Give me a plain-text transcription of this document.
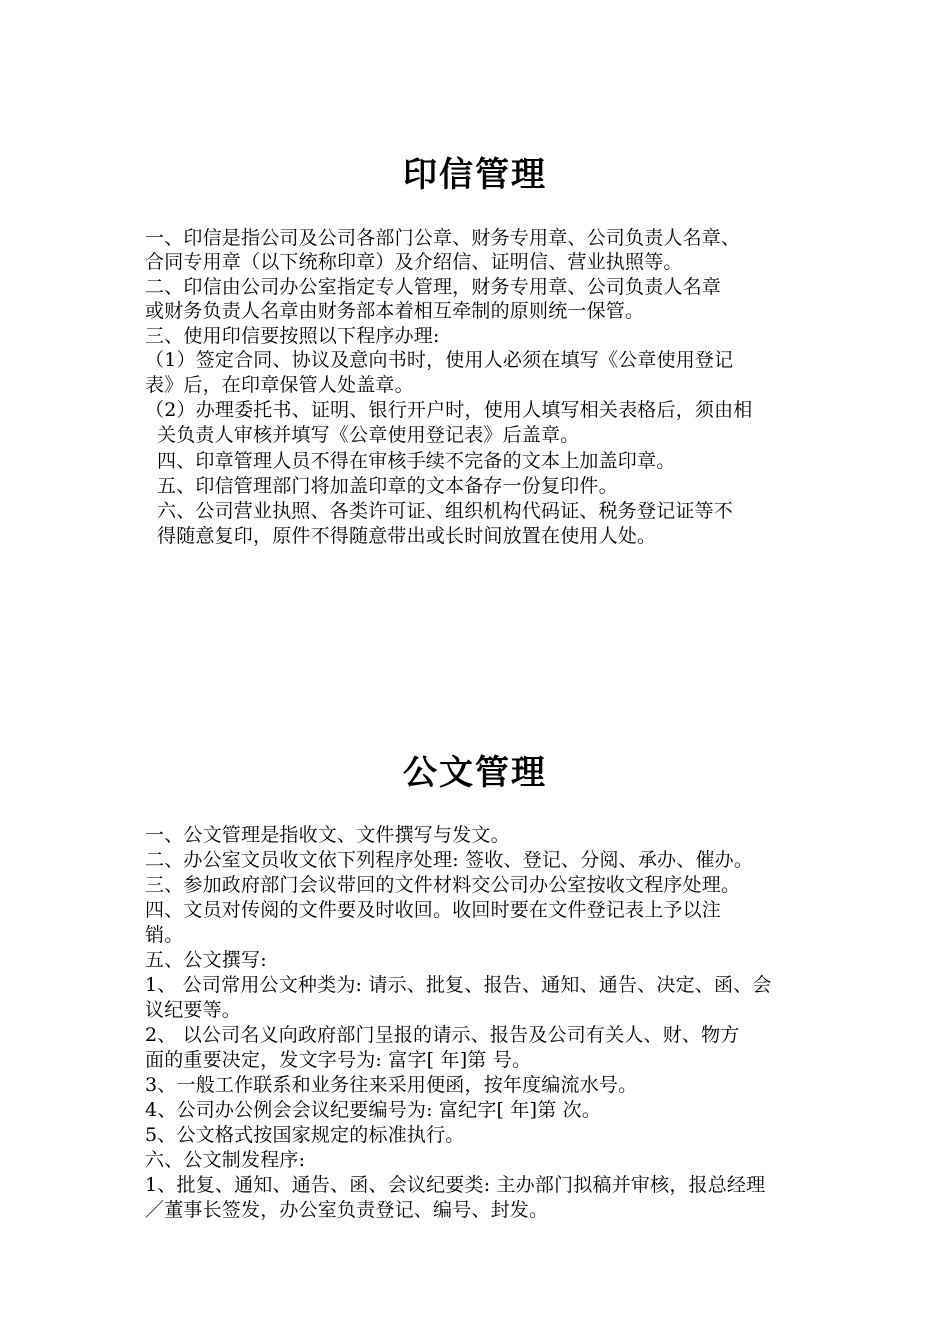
印信管理
一、印信是指公司及公司各部门公章、财务专用章、公司负责人名章、
合同专用章（以下统称印章）及介绍信、证明信、营业执照等。
二、印信由公司办公室指定专人管理，财务专用章、公司负责人名章
或财务负责人名章由财务部本着相互牵制的原则统一保管。
三、使用印信要按照以下程序办理:
（1）签定合同、协议及意向书时，使用人必须在填写《公章使用登记
表》后，在印章保管人处盖章。
（2）办理委托书、证明、银行开户时，使用人填写相关表格后，须由相
关负责人审核并填写《公章使用登记表》后盖章。
四、印章管理人员不得在审核手续不完备的文本上加盖印章。
五、印信管理部门将加盖印章的文本备存一份复印件。
六、公司营业执照、各类许可证、组织机构代码证、税务登记证等不
得随意复印，原件不得随意带出或长时间放置在使用人处。
公文管理
一、公文管理是指收文、文件撰写与发文。
二、办公室文员收文依下列程序处理: 签收、登记、分阅、承办、催办。
三、参加政府部门会议带回的文件材料交公司办公室按收文程序处理。
四、文员对传阅的文件要及时收回。收回时要在文件登记表上予以注
销。
五、公文撰写:
1、 公司常用公文种类为: 请示、批复、报告、通知、通告、决定、函、会
议纪要等。
2、 以公司名义向政府部门呈报的请示、报告及公司有关人、财、物方
面的重要决定，发文字号为: 富字[ 年]第 号。
3、一般工作联系和业务往来采用便函，按年度编流水号。
4、公司办公例会会议纪要编号为: 富纪字[ 年]第 次。
5、公文格式按国家规定的标准执行。
六、公文制发程序:
1、批复、通知、通告、函、会议纪要类: 主办部门拟稿并审核，报总经理
／董事长签发，办公室负责登记、编号、封发。
